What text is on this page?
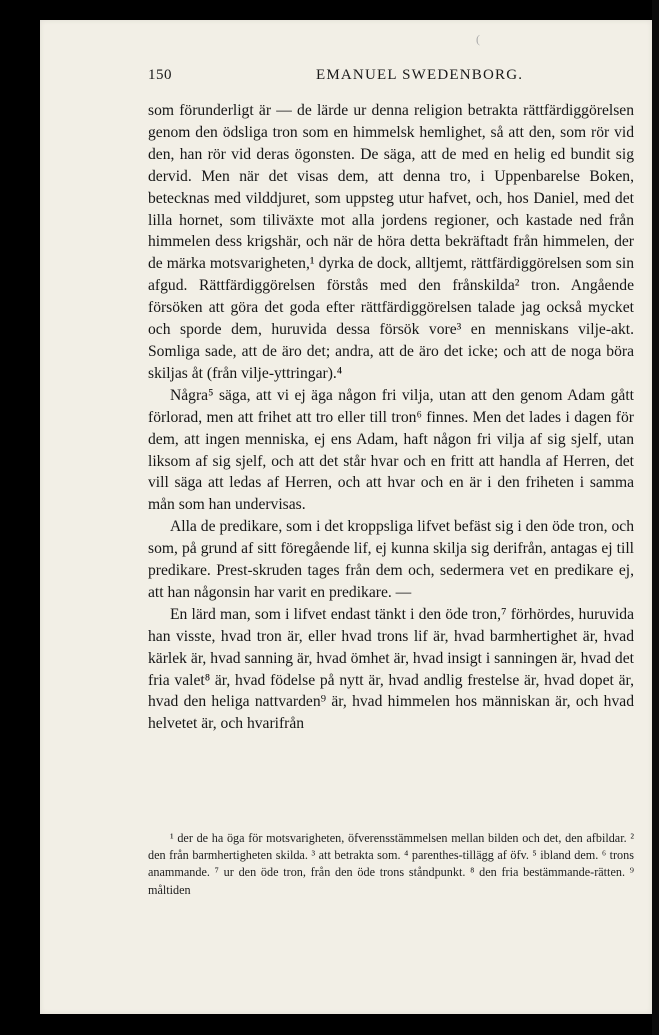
(
150	EMANUEL SWEDENBORG.

som förunderligt är — de lärde ur denna religion betrakta rättfärdiggörelsen genom den ödsliga tron som en himmelsk hemlighet, så att den, som rör vid den, han rör vid deras ögonsten. De säga, att de med en helig ed bundit sig dervid. Men när det visas dem, att denna tro, i Uppenbarelse Boken, betecknas med vilddjuret, som uppsteg utur hafvet, och, hos Daniel, med det lilla hornet, som tiliväxte mot alla jordens regioner, och kastade ned från himmelen dess krigshär, och när de höra detta bekräftadt från himmelen, der de märka motsvarigheten,¹ dyrka de dock, alltjemt, rättfärdiggörelsen som sin afgud. Rättfärdiggörelsen förstås med den frånskilda² tron. Angående försöken att göra det goda efter rättfärdiggörelsen talade jag också mycket och sporde dem, huruvida dessa försök vore³ en menniskans vilje-akt. Somliga sade, att de äro det; andra, att de äro det icke; och att de noga böra skiljas åt (från vilje-yttringar).⁴

Några⁵ säga, att vi ej äga någon fri vilja, utan att den genom Adam gått förlorad, men att frihet att tro eller till tron⁶ finnes. Men det lades i dagen för dem, att ingen menniska, ej ens Adam, haft någon fri vilja af sig sjelf, utan liksom af sig sjelf, och att det står hvar och en fritt att handla af Herren, det vill säga att ledas af Herren, och att hvar och en är i den friheten i samma mån som han undervisas.

Alla de predikare, som i det kroppsliga lifvet befäst sig i den öde tron, och som, på grund af sitt föregående lif, ej kunna skilja sig derifrån, antagas ej till predikare. Prest-skruden tages från dem och, sedermera vet en predikare ej, att han någonsin har varit en predikare. —

En lärd man, som i lifvet endast tänkt i den öde tron,⁷ förhördes, huruvida han visste, hvad tron är, eller hvad trons lif är, hvad barmhertighet är, hvad kärlek är, hvad sanning är, hvad ömhet är, hvad insigt i sanningen är, hvad det fria valet⁸ är, hvad födelse på nytt är, hvad andlig frestelse är, hvad dopet är, hvad den heliga nattvarden⁹ är, hvad himmelen hos människan är, och hvad helvetet är, och hvarifrån

¹ der de ha öga för motsvarigheten, öfverensstämmelsen mellan bilden och det, den afbildar. ² den från barmhertigheten skilda. ³ att betrakta som. ⁴ parenthes-tillägg af öfv. ⁵ ibland dem. ⁶ trons anammande. ⁷ ur den öde tron, från den öde trons ståndpunkt. ⁸ den fria bestämmande-rätten. ⁹ måltiden
